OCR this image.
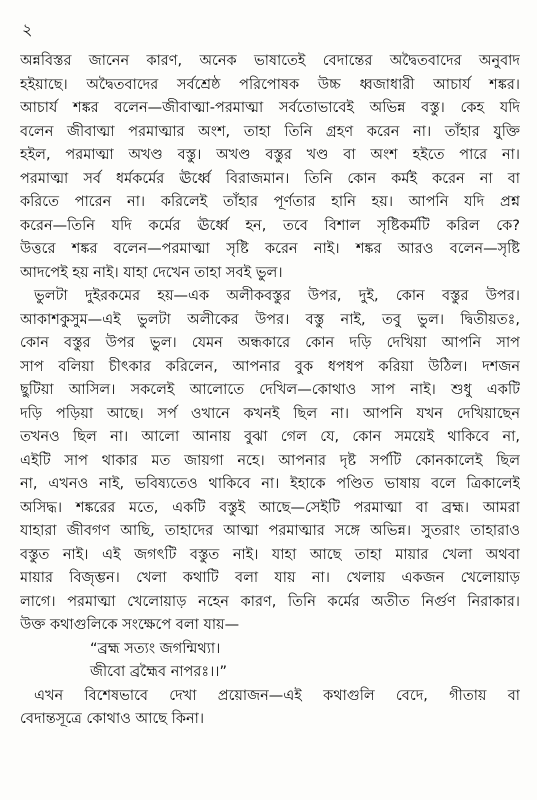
২
অন্নবিস্তর জানেন কারণ, অনেক ভাষাতেই বেদান্তের অদ্বৈতবাদের অনুবাদ
হইয়াছে। অদ্বৈতবাদের সর্বশ্রেষ্ঠ পরিপোষক উচ্চ ধ্বজাধারী আচার্য শঙ্কর।
আচার্য শঙ্কর বলেন—জীবাত্মা-পরমাত্মা সর্বতোভাবেই অভিন্ন বস্তু। কেহ যদি
বলেন জীবাত্মা পরমাত্মার অংশ, তাহা তিনি গ্রহণ করেন না। তাঁহার যুক্তি
হইল, পরমাত্মা অখণ্ড বস্তু। অখণ্ড বস্তুর খণ্ড বা অংশ হইতে পারে না।
পরমাত্মা সর্ব ধর্মকর্মের ঊর্ধ্বে বিরাজমান। তিনি কোন কর্মই করেন না বা
করিতে পারেন না। করিলেই তাঁহার পূর্ণতার হানি হয়। আপনি যদি প্রশ্ন
করেন—তিনি যদি কর্মের ঊর্ধ্বে হন, তবে বিশাল সৃষ্টিকর্মটি করিল কে?
উত্তরে শঙ্কর বলেন—পরমাত্মা সৃষ্টি করেন নাই। শঙ্কর আরও বলেন—সৃষ্টি
আদপেই হয় নাই। যাহা দেখেন তাহা সবই ভুল।
ভুলটা দুইরকমের হয়—এক অলীকবস্তুর উপর, দুই, কোন বস্তুর উপর।
আকাশকুসুম—এই ভুলটা অলীকের উপর। বস্তু নাই, তবু ভুল। দ্বিতীয়তঃ,
কোন বস্তুর উপর ভুল। যেমন অন্ধকারে কোন দড়ি দেখিয়া আপনি সাপ
সাপ বলিয়া চীৎকার করিলেন, আপনার বুক ধপধপ করিয়া উঠিল। দশজন
ছুটিয়া আসিল। সকলেই আলোতে দেখিল—কোথাও সাপ নাই। শুধু একটি
দড়ি পড়িয়া আছে। সর্প ওখানে কখনই ছিল না। আপনি যখন দেখিয়াছেন
তখনও ছিল না। আলো আনায় বুঝা গেল যে, কোন সময়েই থাকিবে না,
এইটি সাপ থাকার মত জায়গা নহে। আপনার দৃষ্ট সর্পটি কোনকালেই ছিল
না, এখনও নাই, ভবিষ্যতেও থাকিবে না। ইহাকে পণ্ডিত ভাষায় বলে ত্রিকালেই
অসিদ্ধ। শঙ্করের মতে, একটি বস্তুই আছে—সেইটি পরমাত্মা বা ব্রহ্ম। আমরা
যাহারা জীবগণ আছি, তাহাদের আত্মা পরমাত্মার সঙ্গে অভিন্ন। সুতরাং তাহারাও
বস্তুত নাই। এই জগৎটি বস্তুত নাই। যাহা আছে তাহা মায়ার খেলা অথবা
মায়ার বিজৃম্ভন। খেলা কথাটি বলা যায় না। খেলায় একজন খেলোয়াড়
লাগে। পরমাত্মা খেলোয়াড় নহেন কারণ, তিনি কর্মের অতীত নির্গুণ নিরাকার।
উক্ত কথাগুলিকে সংক্ষেপে বলা যায়—
“ব্রহ্ম সত্যং জগন্মিথ্যা।
জীবো ব্রহ্মৈব নাপরঃ।।”
এখন বিশেষভাবে দেখা প্রয়োজন—এই কথাগুলি বেদে, গীতায় বা
বেদান্তসূত্রে কোথাও আছে কিনা।
